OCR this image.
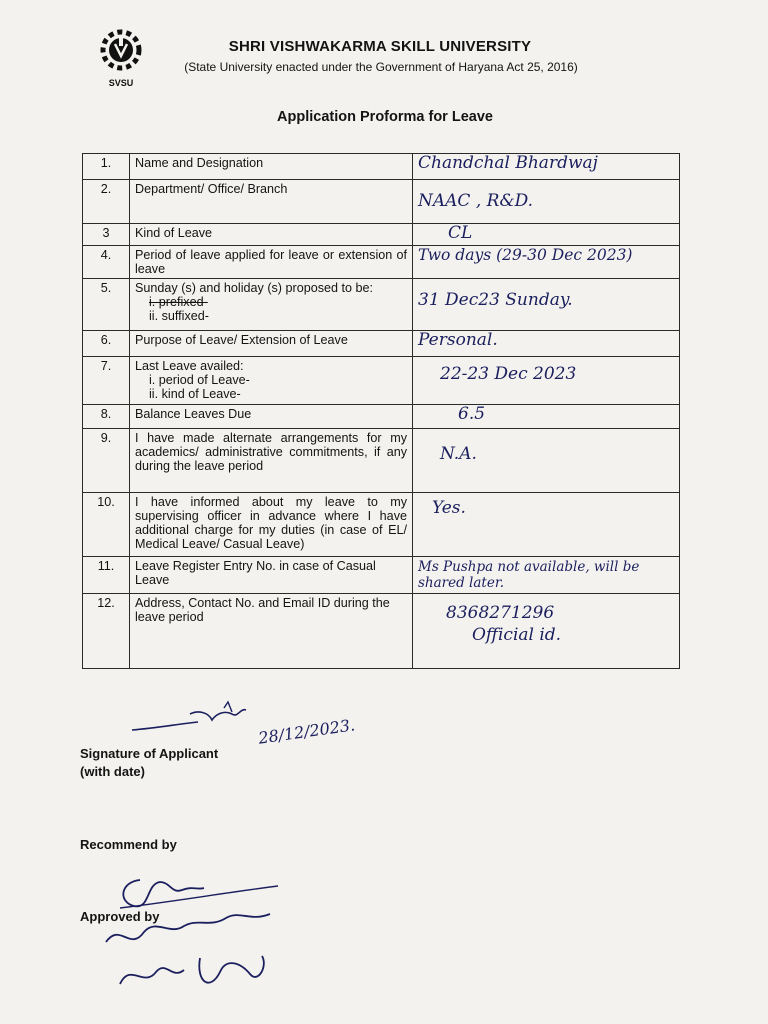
SVSU
SHRI VISHWAKARMA SKILL UNIVERSITY
(State University enacted under the Government of Haryana Act 25, 2016)
Application Proforma for Leave
1.	Name and Designation	Chandchal Bhardwaj
2.	Department/ Office/ Branch	NAAC , R&D.

3	Kind of Leave	CL

4.	Period of leave applied for leave or extension of leave	Two days (29-30 Dec 2023)
5.	Sunday (s) and holiday (s) proposed to be:
i. prefixed-
ii. suffixed-	31 Dec23 Sunday.

6.	Purpose of Leave/ Extension of Leave	Personal.
7.	Last Leave availed:
i. period of Leave-
ii. kind of Leave-	22-23 Dec 2023

8.	Balance Leaves Due	6.5

9.	I have made alternate arrangements for my academics/ administrative commitments, if any during the leave period	N.A.

10.	I have informed about my leave to my supervising officer in advance where I have additional charge for my duties (in case of EL/ Medical Leave/ Casual Leave)	Yes.

11.	Leave Register Entry No. in case of Casual Leave	Ms Pushpa not available, will be shared later.
12.	Address, Contact No. and Email ID during the leave period	8368271296
Official id.
28/12/2023.
Signature of Applicant
(with date)
Recommend by
Approved by
